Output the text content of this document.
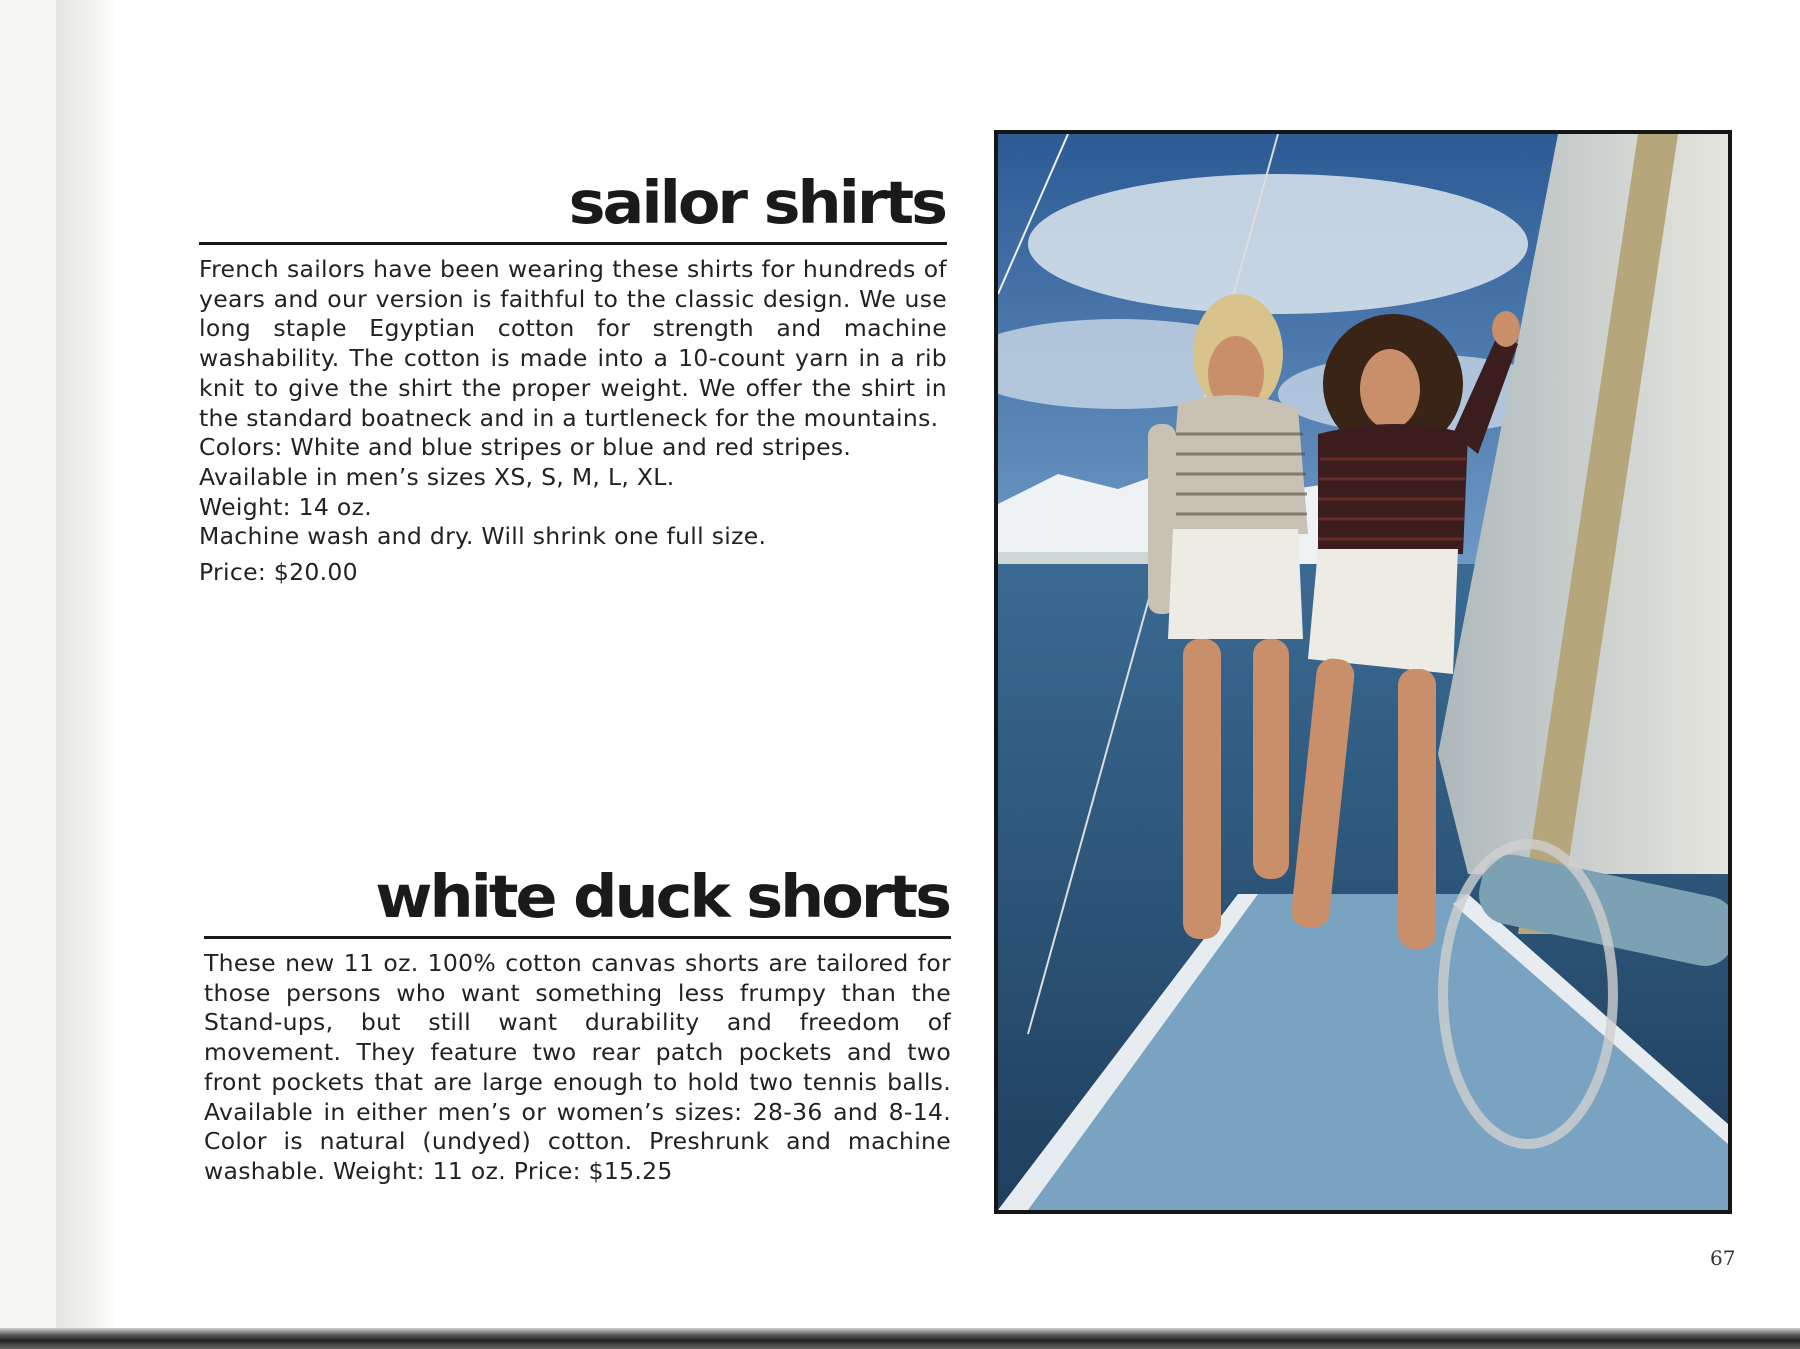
sailor shirts
French sailors have been wearing these shirts for hundreds of years and our version is faithful to the classic design. We use long staple Egyptian cotton for strength and machine washability. The cotton is made into a 10-count yarn in a rib knit to give the shirt the proper weight. We offer the shirt in the standard boatneck and in a turtleneck for the mountains.
Colors: White and blue stripes or blue and red stripes.
Available in men’s sizes XS, S, M, L, XL.
Weight: 14 oz.
Machine wash and dry. Will shrink one full size.
Price: $20.00
white duck shorts
These new 11 oz. 100% cotton canvas shorts are tailored for those persons who want something less frumpy than the Stand-ups, but still want durability and freedom of movement. They feature two rear patch pockets and two front pockets that are large enough to hold two tennis balls. Available in either men’s or women’s sizes: 28-36 and 8-14. Color is natural (undyed) cotton. Preshrunk and machine washable. Weight: 11 oz. Price: $15.25
67
